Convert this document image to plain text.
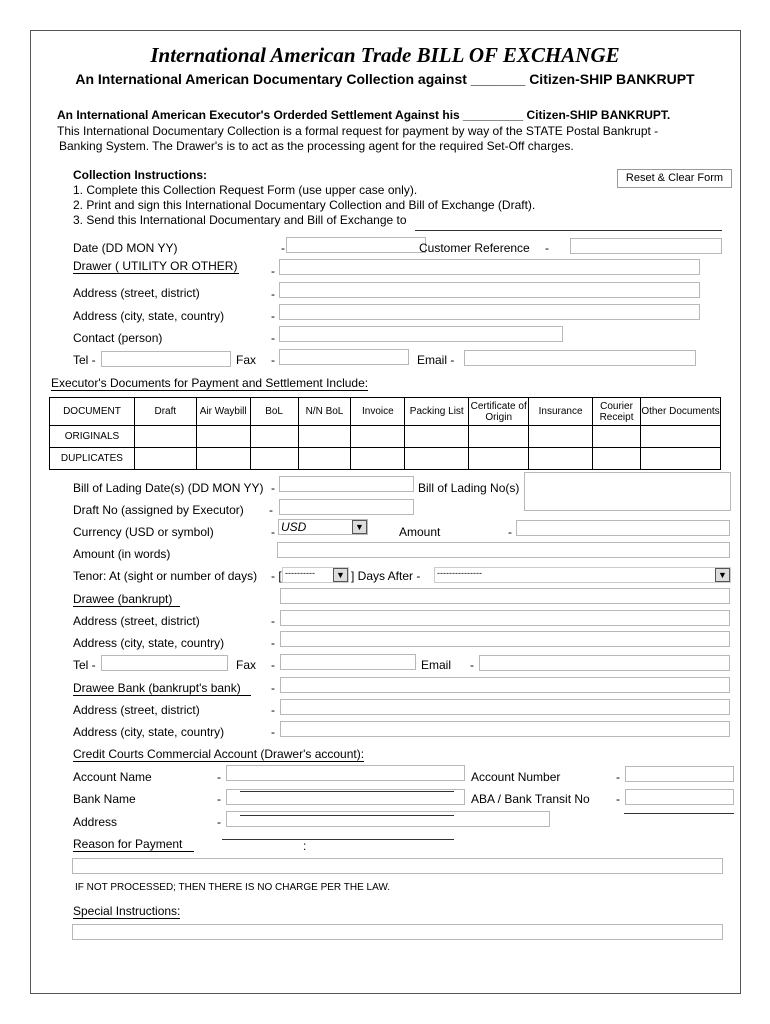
International American Trade BILL OF EXCHANGE
An International American Documentary Collection against _______ Citizen-SHIP BANKRUPT
An International American Executor's Orderded Settlement Against his _________ Citizen-SHIP BANKRUPT.
This International Documentary Collection is a formal request for payment by way of the STATE Postal Bankrupt -
Banking System. The Drawer's is to act as the processing agent for the required Set-Off charges.
Reset & Clear Form
Collection Instructions:
1. Complete this Collection Request Form (use upper case only).
2. Print and sign this International Documentary Collection and Bill of Exchange (Draft).
3. Send this International Documentary and Bill of Exchange to
Date (DD MON YY)	-	Customer Reference -
Drawer ( UTILITY OR OTHER)	-
Address (street, district)	-
Address (city, state, country)	-
Contact (person)	-
Tel -	Fax -	Email -
Executor's Documents for Payment and Settlement Include:
DOCUMENT	Draft	Air Waybill	BoL	N/N BoL	Invoice	Packing List	Certificate of Origin	Insurance	Courier Receipt	Other Documents
ORIGINALS										
DUPLICATES										
Bill of Lading Date(s) (DD MON YY) -	Bill of Lading No(s)
Draft No (assigned by Executor) -
Currency (USD or symbol)	- USD	▼	Amount	-
Amount (in words)
Tenor: At (sight or number of days) - [ ----------	▼ ] Days After - ---------------	▼
Drawee (bankrupt)
Address (street, district)	-
Address (city, state, country)	-
Tel -	Fax -	Email -
Drawee Bank (bankrupt's bank)	-
Address (street, district)	-
Address (city, state, country)	-
Credit Courts Commercial Account (Drawer's account):
Account Name	-	Account Number	-
Bank Name	-	ABA / Bank Transit No -
Address	-
Reason for Payment	:
IF NOT PROCESSED; THEN THERE IS NO CHARGE PER THE LAW.
Special Instructions:
